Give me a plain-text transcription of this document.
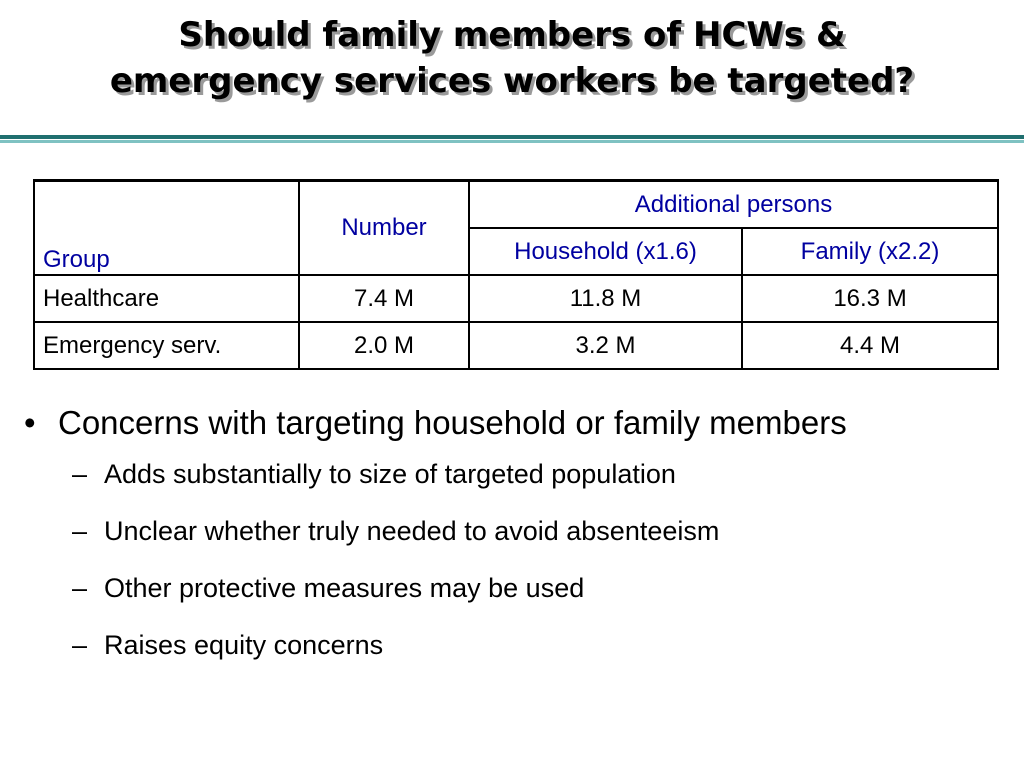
Should family members of HCWs &
emergency services workers be targeted?
Group	Number	Additional persons	
		Household (x1.6)	Family (x2.2)
Healthcare	7.4 M	11.8 M	16.3 M
Emergency serv.	2.0 M	3.2 M	4.4 M
• Concerns with targeting household or family members
– Adds substantially to size of targeted population
– Unclear whether truly needed to avoid absenteeism
– Other protective measures may be used
– Raises equity concerns
